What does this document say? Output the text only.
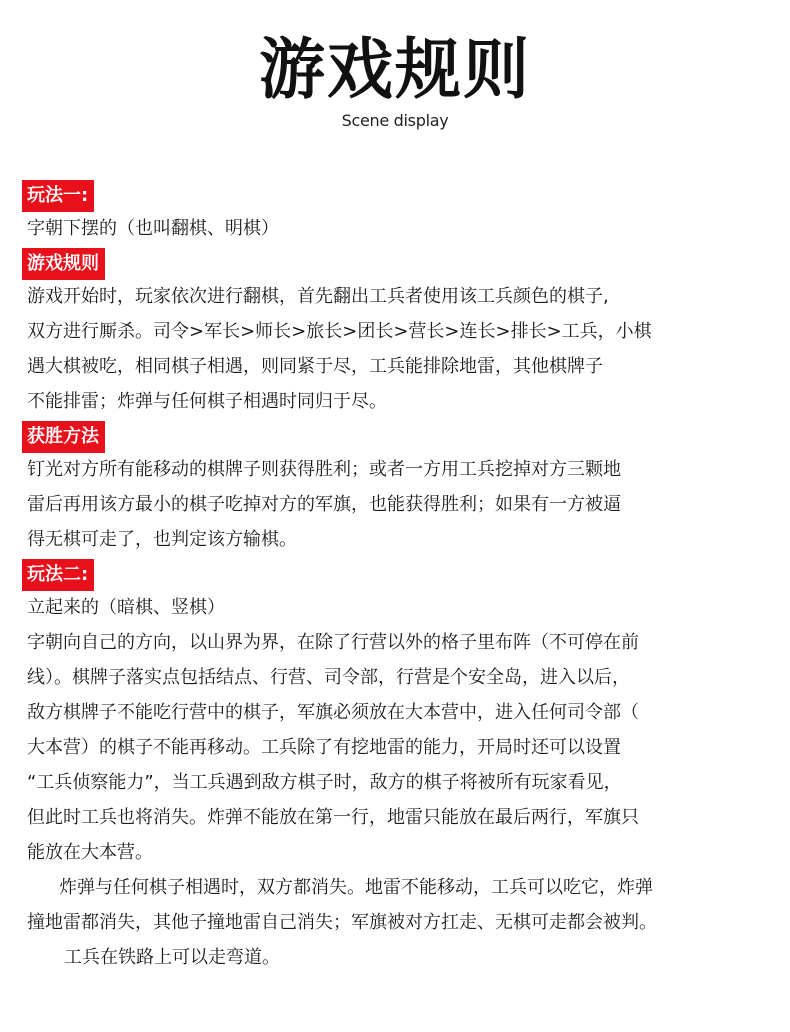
游戏规则
Scene display
玩法一:

字朝下摆的（也叫翻棋、明棋）

游戏规则

游戏开始时，玩家依次进行翻棋，首先翻出工兵者使用该工兵颜色的棋子,

双方进行厮杀。司令>军长>师长>旅长>团长>营长>连长>排长>工兵，小棋

遇大棋被吃，相同棋子相遇，则同紧于尽，工兵能排除地雷，其他棋牌子

不能排雷；炸弹与任何棋子相遇时同归于尽。

获胜方法

钉光对方所有能移动的棋牌子则获得胜利；或者一方用工兵挖掉对方三颗地

雷后再用该方最小的棋子吃掉对方的军旗，也能获得胜利；如果有一方被逼

得无棋可走了，也判定该方输棋。

玩法二:

立起来的（暗棋、竖棋）

字朝向自己的方向，以山界为界，在除了行营以外的格子里布阵（不可停在前

线）。棋牌子落实点包括结点、行营、司令部，行营是个安全岛，进入以后，

敌方棋牌子不能吃行营中的棋子，军旗必须放在大本营中，进入任何司令部（

大本营）的棋子不能再移动。工兵除了有挖地雷的能力，开局时还可以设置

“工兵侦察能力”，当工兵遇到敌方棋子时，敌方的棋子将被所有玩家看见，

但此时工兵也将消失。炸弹不能放在第一行，地雷只能放在最后两行，军旗只

能放在大本营。

炸弹与任何棋子相遇时，双方都消失。地雷不能移动，工兵可以吃它，炸弹

撞地雷都消失，其他子撞地雷自己消失；军旗被对方扛走、无棋可走都会被判。

工兵在铁路上可以走弯道。
